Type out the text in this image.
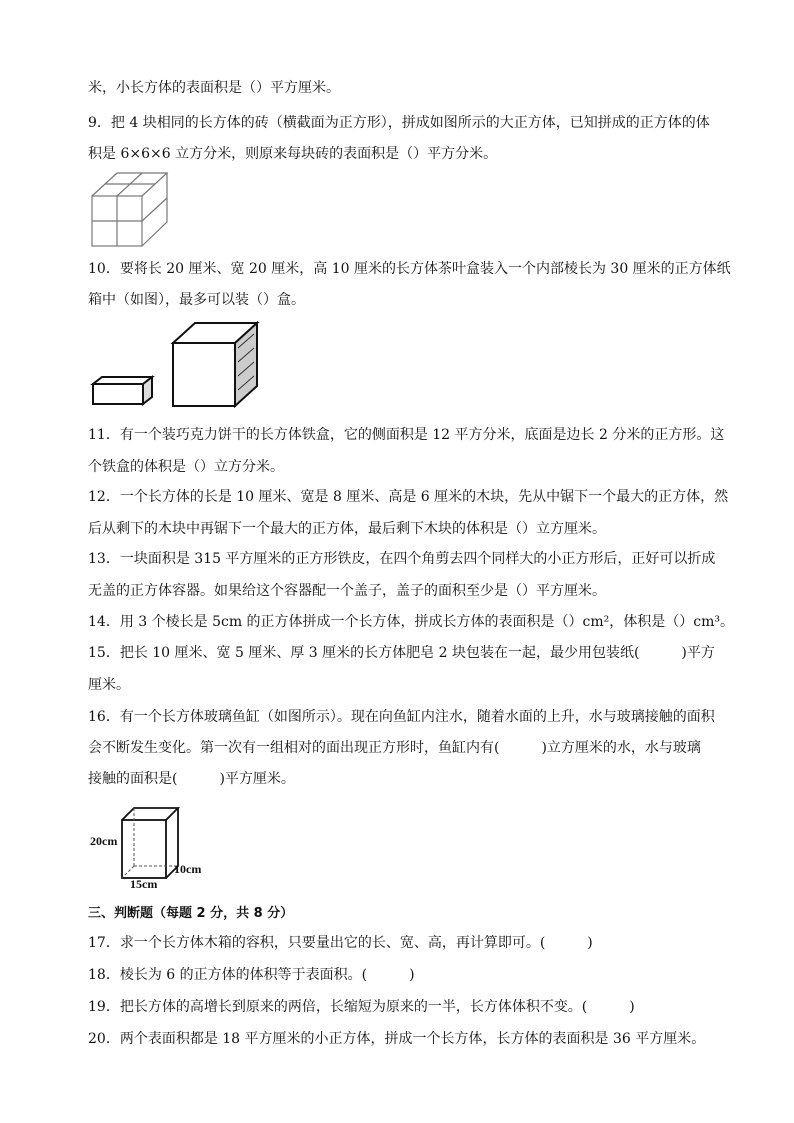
米，小长方体的表面积是（）平方厘米。
9．把 4 块相同的长方体的砖（横截面为正方形），拼成如图所示的大正方体，已知拼成的正方体的体
积是 6×6×6 立方分米，则原来每块砖的表面积是（）平方分米。
10．要将长 20 厘米、宽 20 厘米，高 10 厘米的长方体茶叶盒装入一个内部棱长为 30 厘米的正方体纸
箱中（如图），最多可以装（）盒。
11．有一个装巧克力饼干的长方体铁盒，它的侧面积是 12 平方分米，底面是边长 2 分米的正方形。这
个铁盒的体积是（）立方分米。
12．一个长方体的长是 10 厘米、宽是 8 厘米、高是 6 厘米的木块，先从中锯下一个最大的正方体，然
后从剩下的木块中再锯下一个最大的正方体，最后剩下木块的体积是（）立方厘米。
13．一块面积是 315 平方厘米的正方形铁皮，在四个角剪去四个同样大的小正方形后，正好可以折成
无盖的正方体容器。如果给这个容器配一个盖子，盖子的面积至少是（）平方厘米。
14．用 3 个棱长是 5cm 的正方体拼成一个长方体，拼成长方体的表面积是（）cm²，体积是（）cm³。
15．把长 10 厘米、宽 5 厘米、厚 3 厘米的长方体肥皂 2 块包装在一起，最少用包装纸(　　　)平方
厘米。
16．有一个长方体玻璃鱼缸（如图所示）。现在向鱼缸内注水，随着水面的上升，水与玻璃接触的面积
会不断发生变化。第一次有一组相对的面出现正方形时，鱼缸内有(　　　)立方厘米的水，水与玻璃
接触的面积是(　　　)平方厘米。
20cm
10cm
15cm
三、判断题（每题 2 分，共 8 分）
17．求一个长方体木箱的容积，只要量出它的长、宽、高，再计算即可。(　　　)
18．棱长为 6 的正方体的体积等于表面积。(　　　)
19．把长方体的高增长到原来的两倍，长缩短为原来的一半，长方体体积不变。(　　　)
20．两个表面积都是 18 平方厘米的小正方体，拼成一个长方体，长方体的表面积是 36 平方厘米。
